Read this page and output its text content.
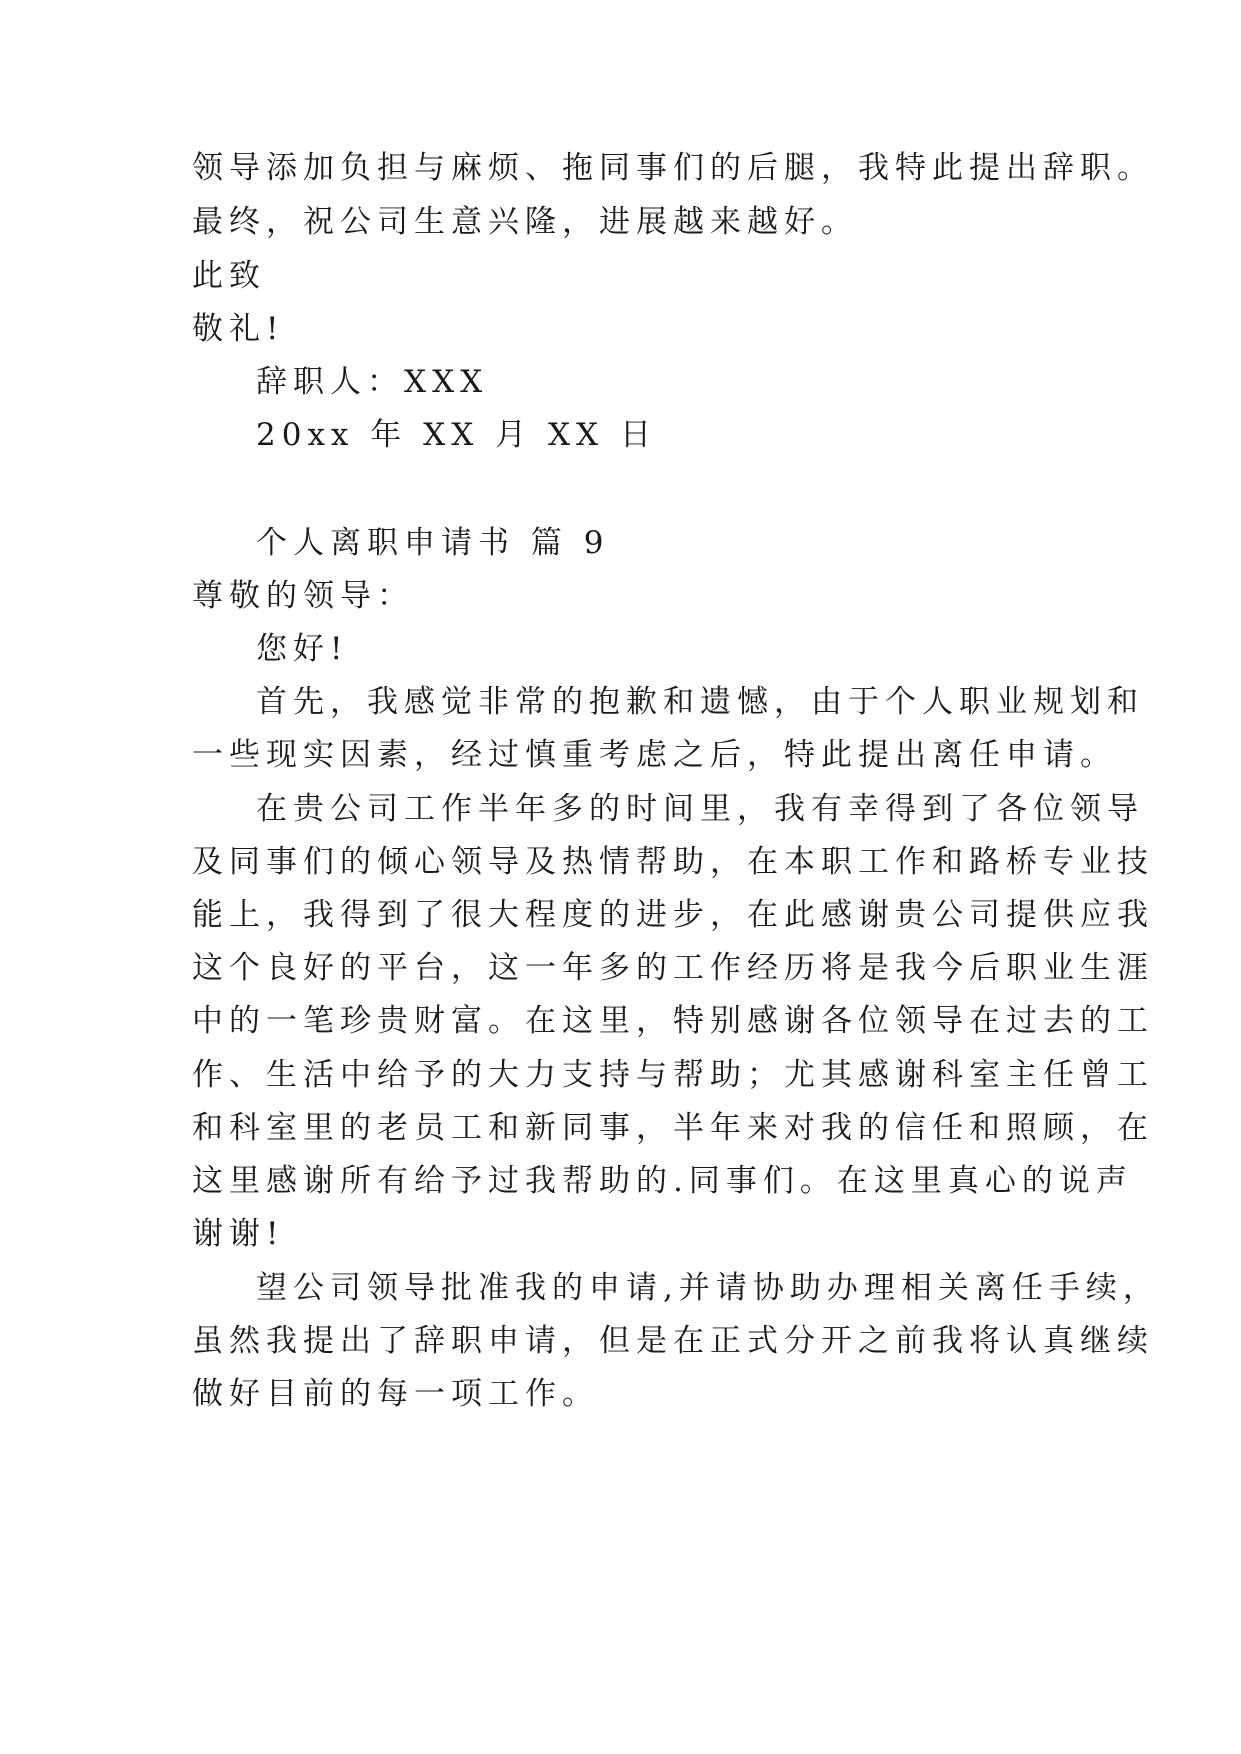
领导添加负担与麻烦、拖同事们的后腿，我特此提出辞职。
最终，祝公司生意兴隆，进展越来越好。
此致
敬礼!
辞职人：XXX
20xx 年 XX 月 XX 日
个人离职申请书 篇 9
尊敬的领导：
您好!
首先，我感觉非常的抱歉和遗憾，由于个人职业规划和
一些现实因素，经过慎重考虑之后，特此提出离任申请。
在贵公司工作半年多的时间里，我有幸得到了各位领导
及同事们的倾心领导及热情帮助，在本职工作和路桥专业技
能上，我得到了很大程度的进步，在此感谢贵公司提供应我
这个良好的平台，这一年多的工作经历将是我今后职业生涯
中的一笔珍贵财富。在这里，特别感谢各位领导在过去的工
作、生活中给予的大力支持与帮助；尤其感谢科室主任曾工
和科室里的老员工和新同事，半年来对我的信任和照顾，在
这里感谢所有给予过我帮助的.同事们。在这里真心的说声
谢谢!
望公司领导批准我的申请,并请协助办理相关离任手续，
虽然我提出了辞职申请，但是在正式分开之前我将认真继续
做好目前的每一项工作。
